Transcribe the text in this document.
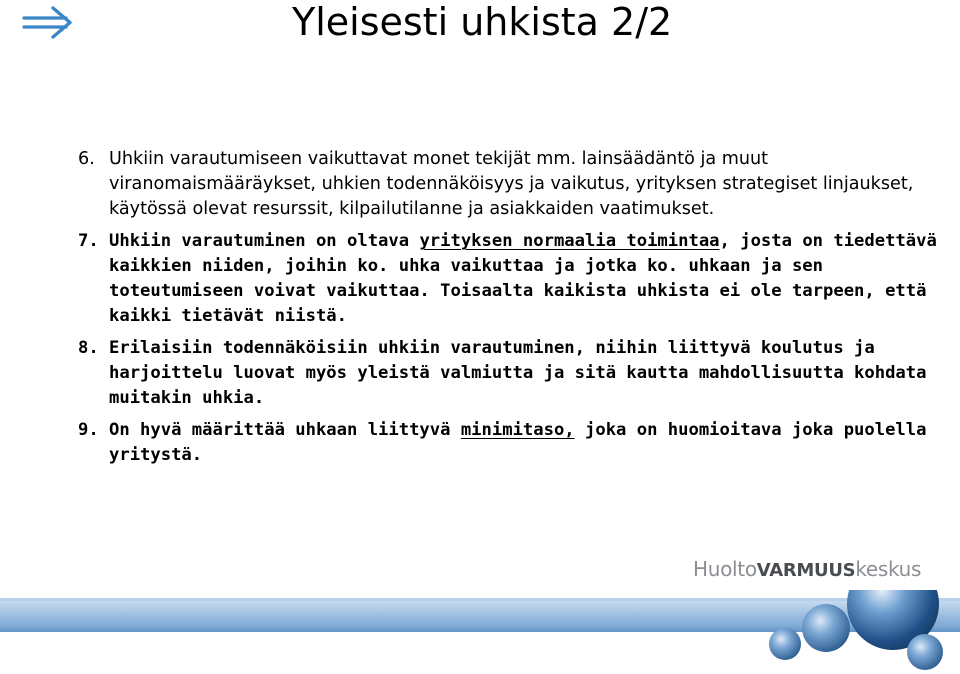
Yleisesti uhkista 2/2
6. Uhkiin varautumiseen vaikuttavat monet tekijät mm. lainsäädäntö ja muut viranomaismääräykset, uhkien todennäköisyys ja vaikutus, yrityksen strategiset linjaukset, käytössä olevat resurssit, kilpailutilanne ja asiakkaiden vaatimukset.
7. Uhkiin varautuminen on oltava yrityksen normaalia toimintaa, josta on tiedettävä kaikkien niiden, joihin ko. uhka vaikuttaa ja jotka ko. uhkaan ja sen toteutumiseen voivat vaikuttaa. Toisaalta kaikista uhkista ei ole tarpeen, että kaikki tietävät niistä.
8. Erilaisiin todennäköisiin uhkiin varautuminen, niihin liittyvä koulutus ja harjoittelu luovat myös yleistä valmiutta ja sitä kautta mahdollisuutta kohdata muitakin uhkia.
9. On hyvä määrittää uhkaan liittyvä minimitaso, joka on huomioitava joka puolella yritystä.
HuoltoVARMUUSkeskus
